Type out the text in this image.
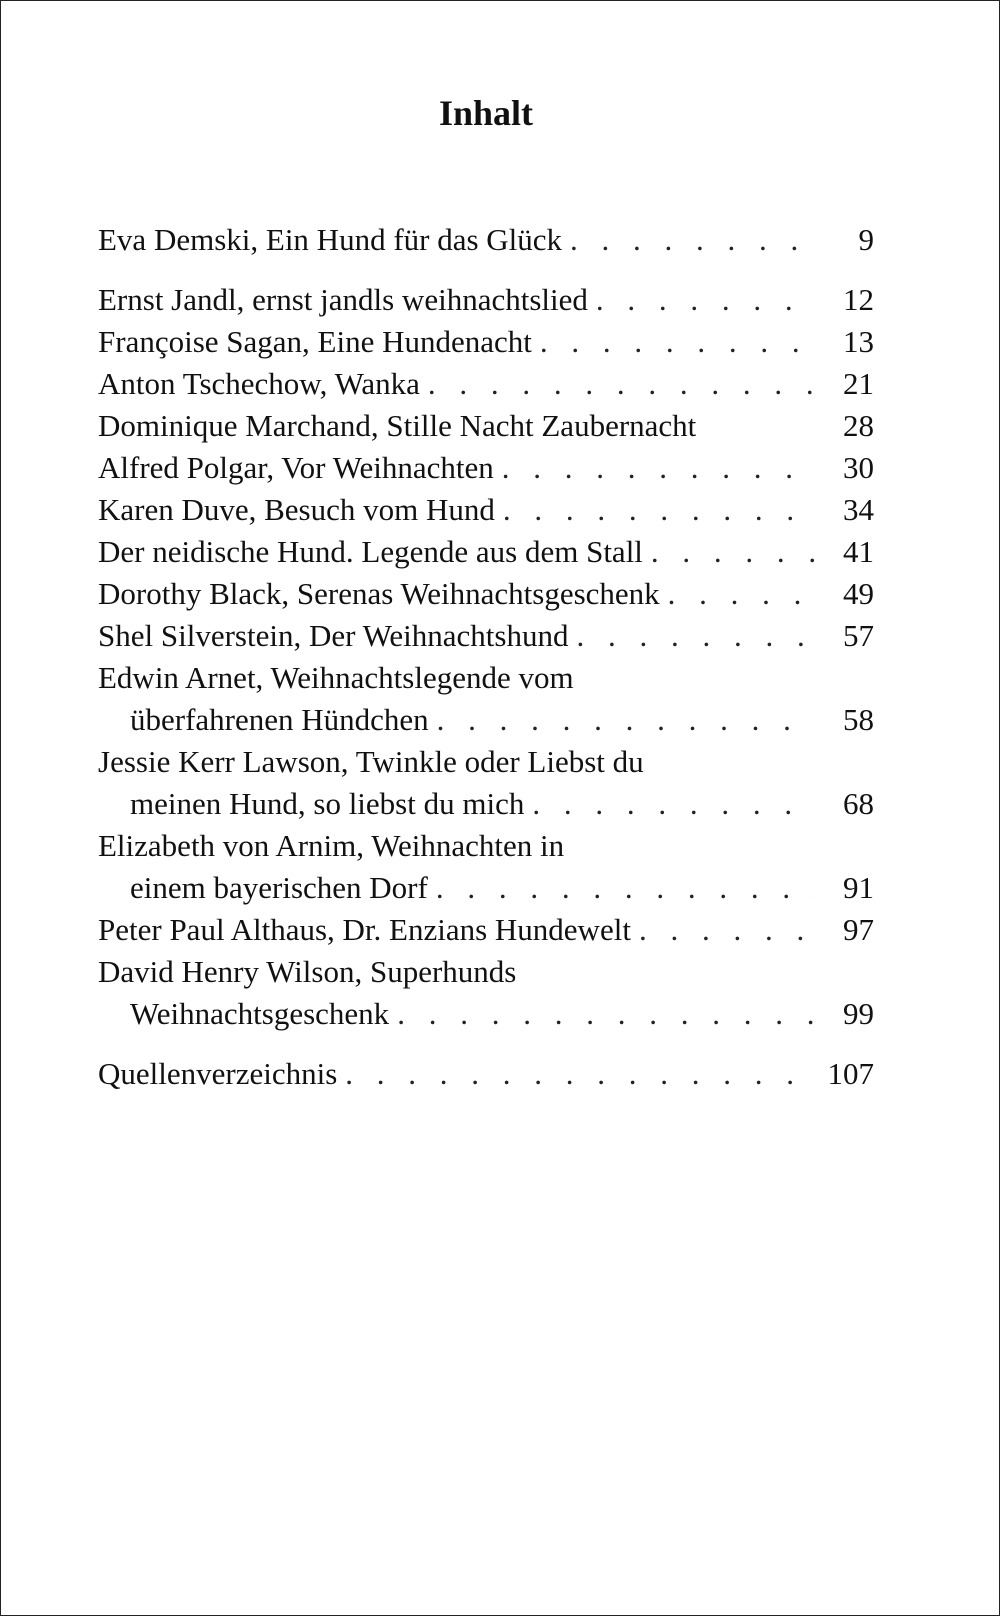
Inhalt
Eva Demski, Ein Hund für das Glück . . .	9
Ernst Jandl, ernst jandls weihnachtslied . . .	12
Françoise Sagan, Eine Hundenacht . . .	13
Anton Tschechow, Wanka . . .	21
Dominique Marchand, Stille Nacht Zaubernacht	28
Alfred Polgar, Vor Weihnachten . . .	30
Karen Duve, Besuch vom Hund . . .	34
Der neidische Hund. Legende aus dem Stall . . .	41
Dorothy Black, Serenas Weihnachtsgeschenk . . .	49
Shel Silverstein, Der Weihnachtshund . . .	57
Edwin Arnet, Weihnachtslegende vom
überfahrenen Hündchen . . .	58
Jessie Kerr Lawson, Twinkle oder Liebst du
meinen Hund, so liebst du mich . . .	68
Elizabeth von Arnim, Weihnachten in
einem bayerischen Dorf . . .	91
Peter Paul Althaus, Dr. Enzians Hundewelt . . .	97
David Henry Wilson, Superhunds
Weihnachtsgeschenk . . .	99
Quellenverzeichnis . . .	107
